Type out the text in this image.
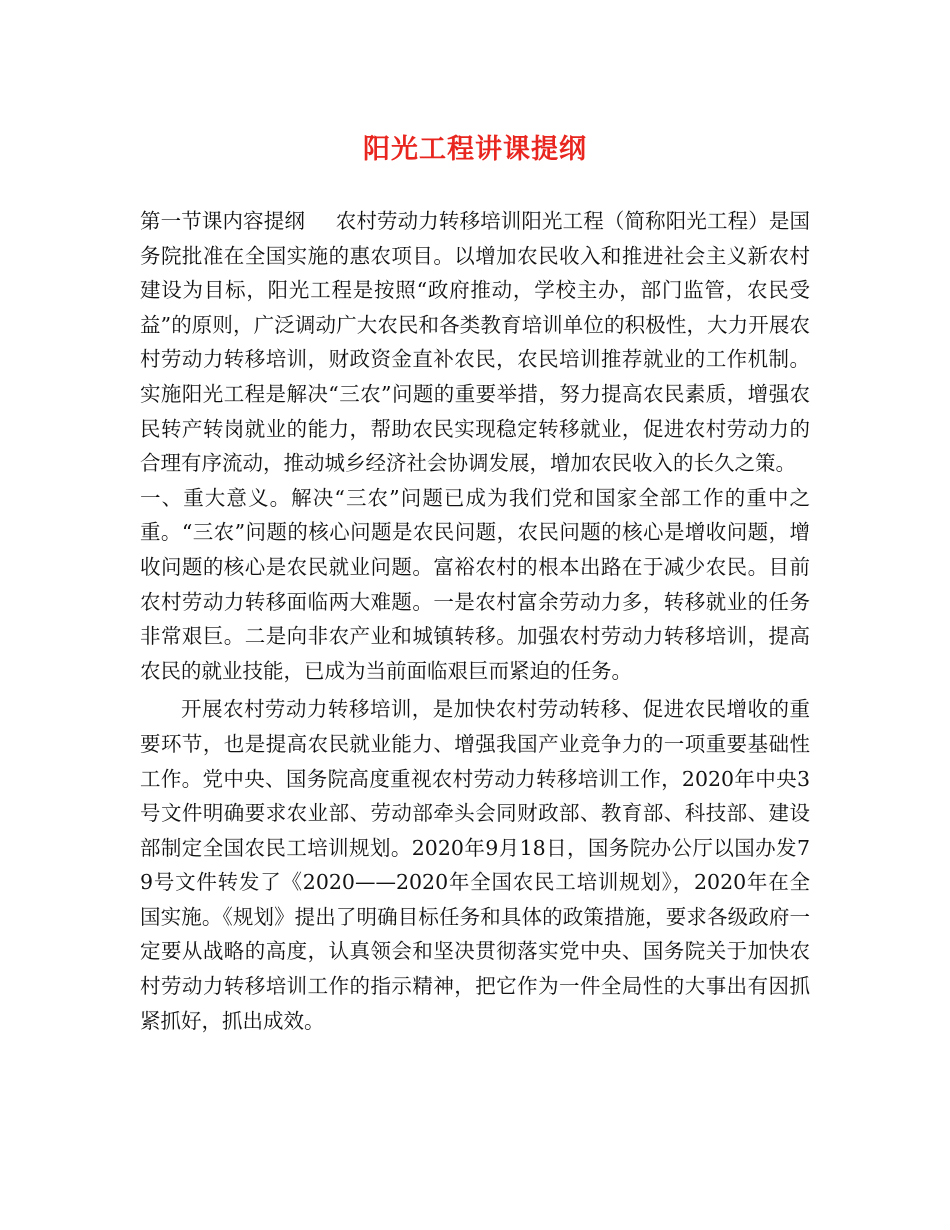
阳光工程讲课提纲

第一节课内容提纲 农村劳动力转移培训阳光工程（简称阳光工程）是国务院批准在全国实施的惠农项目。以增加农民收入和推进社会主义新农村建设为目标，阳光工程是按照“政府推动，学校主办，部门监管，农民受益”的原则，广泛调动广大农民和各类教育培训单位的积极性，大力开展农村劳动力转移培训，财政资金直补农民，农民培训推荐就业的工作机制。实施阳光工程是解决“三农”问题的重要举措，努力提高农民素质，增强农民转产转岗就业的能力，帮助农民实现稳定转移就业，促进农村劳动力的合理有序流动，推动城乡经济社会协调发展，增加农民收入的长久之策。

一、重大意义。解决“三农”问题已成为我们党和国家全部工作的重中之重。“三农”问题的核心问题是农民问题，农民问题的核心是增收问题，增收问题的核心是农民就业问题。富裕农村的根本出路在于减少农民。目前农村劳动力转移面临两大难题。一是农村富余劳动力多，转移就业的任务非常艰巨。二是向非农产业和城镇转移。加强农村劳动力转移培训，提高农民的就业技能，已成为当前面临艰巨而紧迫的任务。

开展农村劳动力转移培训，是加快农村劳动转移、促进农民增收的重要环节，也是提高农民就业能力、增强我国产业竞争力的一项重要基础性工作。党中央、国务院高度重视农村劳动力转移培训工作，2020年中央3号文件明确要求农业部、劳动部牵头会同财政部、教育部、科技部、建设部制定全国农民工培训规划。2020年9月18日，国务院办公厅以国办发79号文件转发了《2020——2020年全国农民工培训规划》，2020年在全国实施。《规划》提出了明确目标任务和具体的政策措施，要求各级政府一定要从战略的高度，认真领会和坚决贯彻落实党中央、国务院关于加快农村劳动力转移培训工作的指示精神，把它作为一件全局性的大事出有因抓紧抓好，抓出成效。
